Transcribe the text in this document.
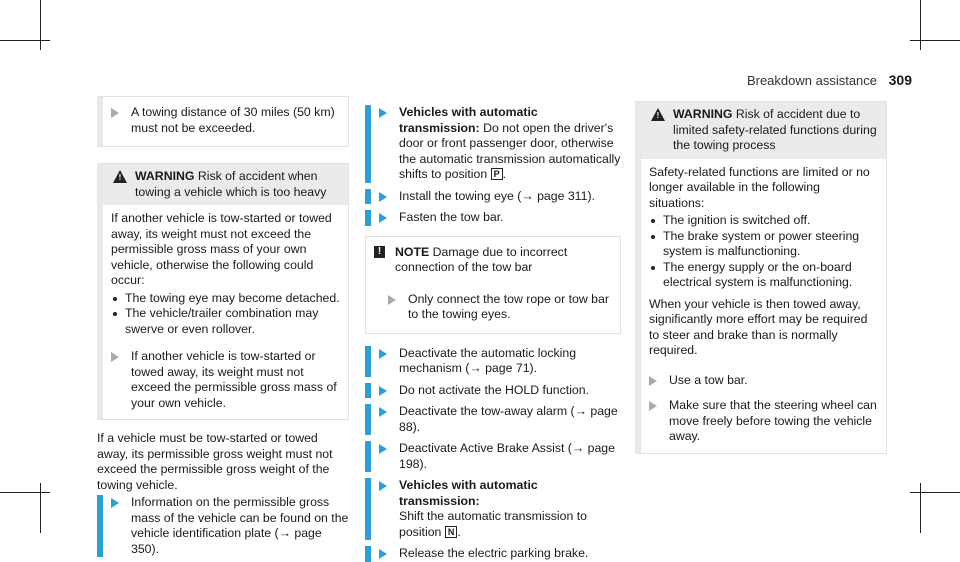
Breakdown assistance 309
A towing distance of 30 miles (50 km) must not be exceeded.
!	WARNING Risk of accident when towing a vehicle which is too heavy
If another vehicle is tow-started or towed away, its weight must not exceed the permissible gross mass of your own vehicle, otherwise the following could occur:
The towing eye may become detached.
The vehicle/trailer combination may swerve or even rollover.
If another vehicle is tow-started or towed away, its weight must not exceed the permissible gross mass of your own vehicle.
If a vehicle must be tow-started or towed away, its permissible gross weight must not exceed the permissible gross weight of the towing vehicle.
Information on the permissible gross mass of the vehicle can be found on the vehicle identification plate (→ page 350).
Vehicles with automatic transmission: Do not open the driver's door or front passenger door, otherwise the automatic transmission automatically shifts to position P .
Install the towing eye (→ page 311).
Fasten the tow bar.
!	NOTE Damage due to incorrect connection of the tow bar
Only connect the tow rope or tow bar to the towing eyes.
Deactivate the automatic locking mechanism (→ page 71).
Do not activate the HOLD function.
Deactivate the tow-away alarm (→ page 88).
Deactivate Active Brake Assist (→ page 198).
Vehicles with automatic transmission:
Shift the automatic transmission to position N .
Release the electric parking brake.
!	WARNING Risk of accident due to limited safety-related functions during the towing process
Safety-related functions are limited or no longer available in the following situations:
The ignition is switched off.
The brake system or power steering system is malfunctioning.
The energy supply or the on-board electrical system is malfunctioning.
When your vehicle is then towed away, significantly more effort may be required to steer and brake than is normally required.
Use a tow bar.
Make sure that the steering wheel can move freely before towing the vehicle away.
